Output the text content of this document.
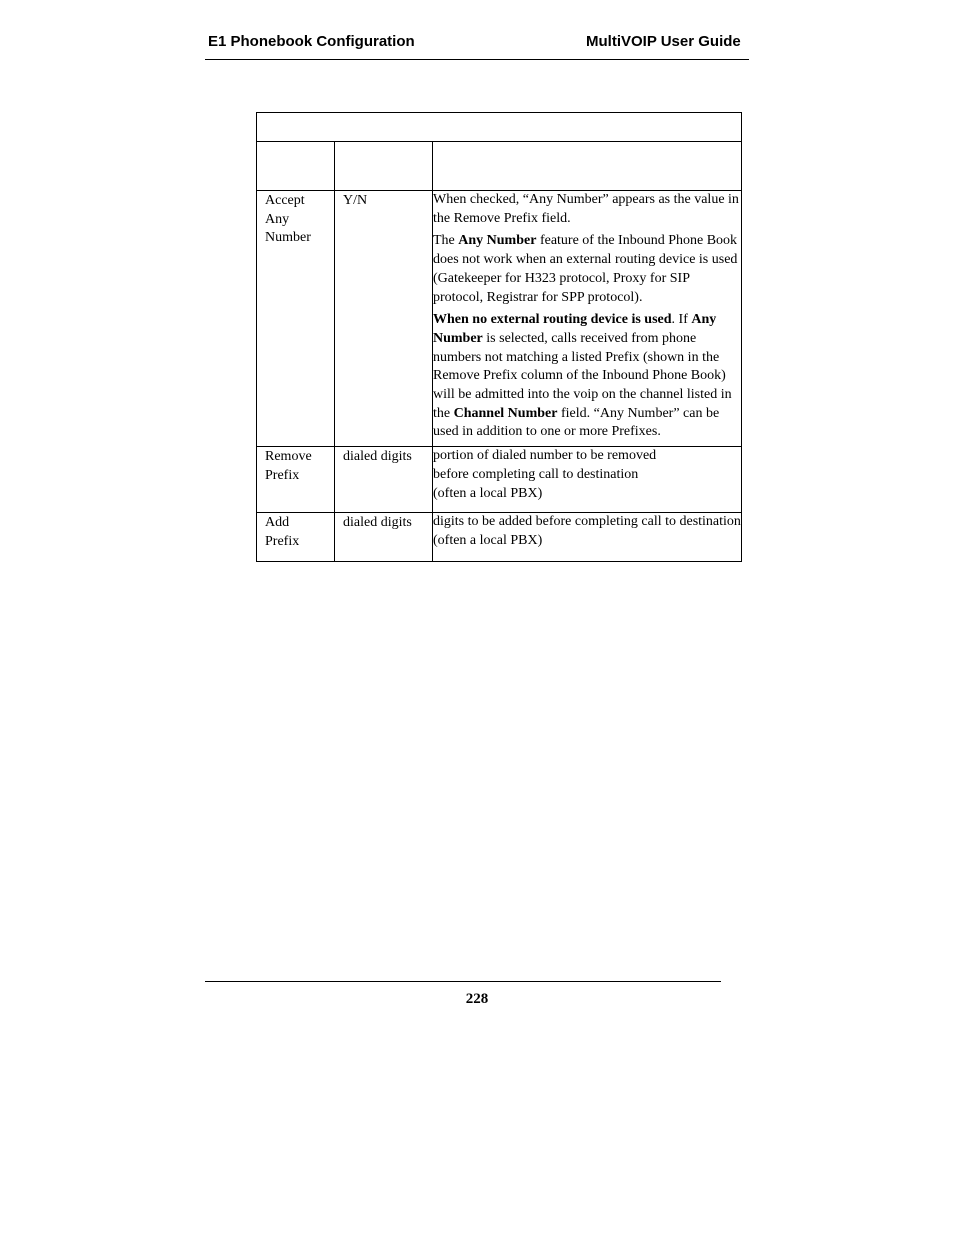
E1 Phonebook Configuration	MultiVOIP User Guide

Accept Any Number	Y/N	When checked, “Any Number” appears as the value in the Remove Prefix field.

The Any Number feature of the Inbound Phone Book does not work when an external routing device is used (Gatekeeper for H323 protocol, Proxy for SIP protocol, Registrar for SPP protocol).

When no external routing device is used. If Any Number is selected, calls received from phone numbers not matching a listed Prefix (shown in the Remove Prefix column of the Inbound Phone Book) will be admitted into the voip on the channel listed in the Channel Number field. “Any Number” can be used in addition to one or more Prefixes.

Remove Prefix	dialed digits	portion of dialed number to be removed before completing call to destination
(often a local PBX)

Add Prefix	dialed digits	digits to be added before completing call to destination
(often a local PBX)
228
